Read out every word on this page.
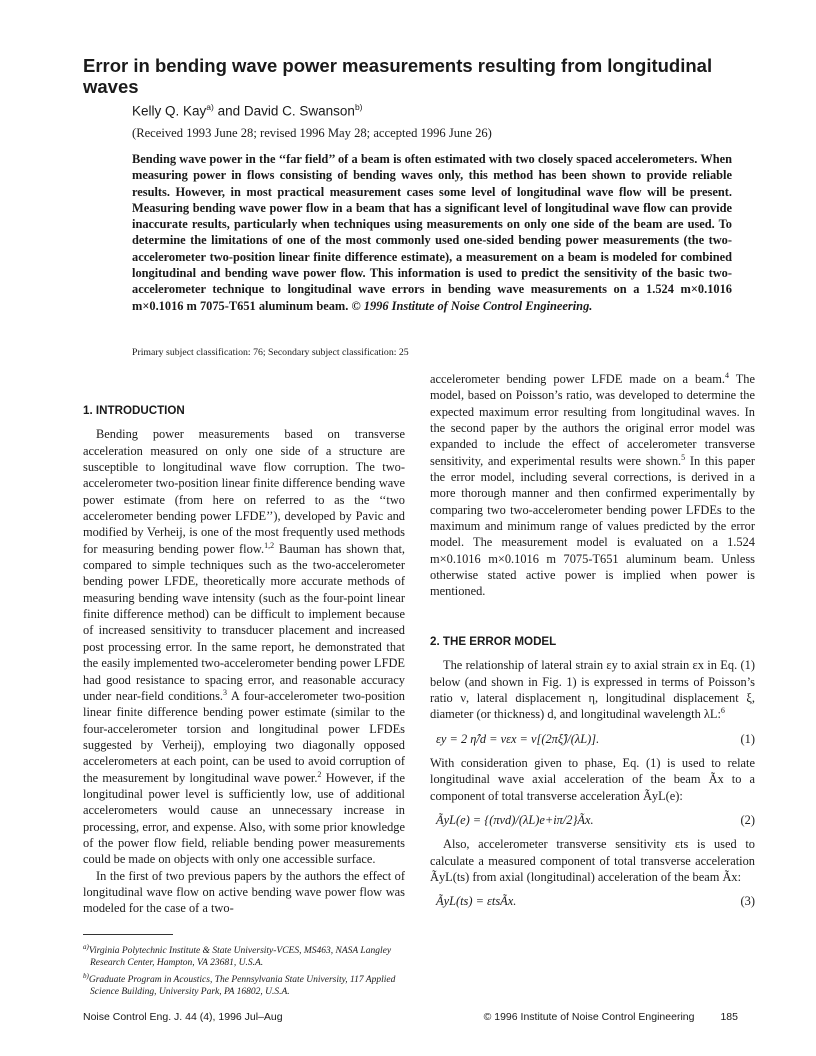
Error in bending wave power measurements resulting from longitudinal waves
Kelly Q. Kay$^{a)}$ and David C. Swanson$^{b)}$
(Received 1993 June 28; revised 1996 May 28; accepted 1996 June 26)
Bending wave power in the ‘‘far field’’ of a beam is often estimated with two closely spaced accelerometers. When measuring power in flows consisting of bending waves only, this method has been shown to provide reliable results. However, in most practical measurement cases some level of longitudinal wave flow will be present. Measuring bending wave power flow in a beam that has a significant level of longitudinal wave flow can provide inaccurate results, particularly when techniques using measurements on only one side of the beam are used. To determine the limitations of one of the most commonly used one-sided bending power measurements (the two-accelerometer two-position linear finite difference estimate), a measurement on a beam is modeled for combined longitudinal and bending wave power flow. This information is used to predict the sensitivity of the basic two-accelerometer technique to longitudinal wave errors in bending wave measurements on a 1.524 m×0.1016 m×0.1016 m 7075-T651 aluminum beam. © 1996 Institute of Noise Control Engineering.
Primary subject classification: 76; Secondary subject classification: 25
1. INTRODUCTION

Bending power measurements based on transverse acceleration measured on only one side of a structure are susceptible to longitudinal wave flow corruption. The two-accelerometer two-position linear finite difference bending wave power estimate (from here on referred to as the ‘‘two accelerometer bending power LFDE’’), developed by Pavic and modified by Verheij, is one of the most frequently used methods for measuring bending power flow.$^{1,2}$ Bauman has shown that, compared to simple techniques such as the two-accelerometer bending power LFDE, theoretically more accurate methods of measuring bending wave intensity (such as the four-point linear finite difference method) can be difficult to implement because of increased sensitivity to transducer placement and increased post processing error. In the same report, he demonstrated that the easily implemented two-accelerometer bending power LFDE had good resistance to spacing error, and reasonable accuracy under near-field conditions.$^3$ A four-accelerometer two-position linear finite difference bending power estimate (similar to the four-accelerometer torsion and longitudinal power LFDEs suggested by Verheij), employing two diagonally opposed accelerometers at each point, can be used to avoid corruption of the measurement by longitudinal wave power.$^2$ However, if the longitudinal power level is sufficiently low, use of additional accelerometers would cause an unnecessary increase in processing, error, and expense. Also, with some prior knowledge of the power flow field, reliable bending power measurements could be made on objects with only one accessible surface.

In the first of two previous papers by the authors the effect of longitudinal wave flow on active bending wave power flow was modeled for the case of a two-

accelerometer bending power LFDE made on a beam.$^4$ The model, based on Poisson’s ratio, was developed to determine the expected maximum error resulting from longitudinal waves. In the second paper by the authors the original error model was expanded to include the effect of accelerometer transverse sensitivity, and experimental results were shown.$^5$ In this paper the error model, including several corrections, is derived in a more thorough manner and then confirmed experimentally by comparing two two-accelerometer bending power LFDEs to the maximum and minimum range of values predicted by the error model. The measurement model is evaluated on a 1.524 m×0.1016 m×0.1016 m 7075-T651 aluminum beam. Unless otherwise stated active power is implied when power is mentioned.

2. THE ERROR MODEL

The relationship of lateral strain εy to axial strain εx in Eq. (1) below (and shown in Fig. 1) is expressed in terms of Poisson’s ratio ν, lateral displacement η, longitudinal displacement ξ, diameter (or thickness) d, and longitudinal wavelength λL:$^6$

εy = 2 η̂/d = νεx = ν[(2πξ̂)/(λL)].	(1)

With consideration given to phase, Eq. (1) is used to relate longitudinal wave axial acceleration of the beam Ãx to a component of total transverse acceleration ÃyL(e):

ÃyL(e) = {(πνd)/(λL)e+iπ/2}Ãx.	(2)

Also, accelerometer transverse sensitivity εts is used to calculate a measured component of total transverse acceleration ÃyL(ts) from axial (longitudinal) acceleration of the beam Ãx:

ÃyL(ts) = εtsÃx.	(3)

$^{a)}$Virginia Polytechnic Institute & State University-VCES, MS463, NASA Langley Research Center, Hampton, VA 23681, U.S.A.

$^{b)}$Graduate Program in Acoustics, The Pennsylvania State University, 117 Applied Science Building, University Park, PA 16802, U.S.A.

Noise Control Eng. J. 44 (4), 1996 Jul–Aug	© 1996 Institute of Noise Control Engineering 185
